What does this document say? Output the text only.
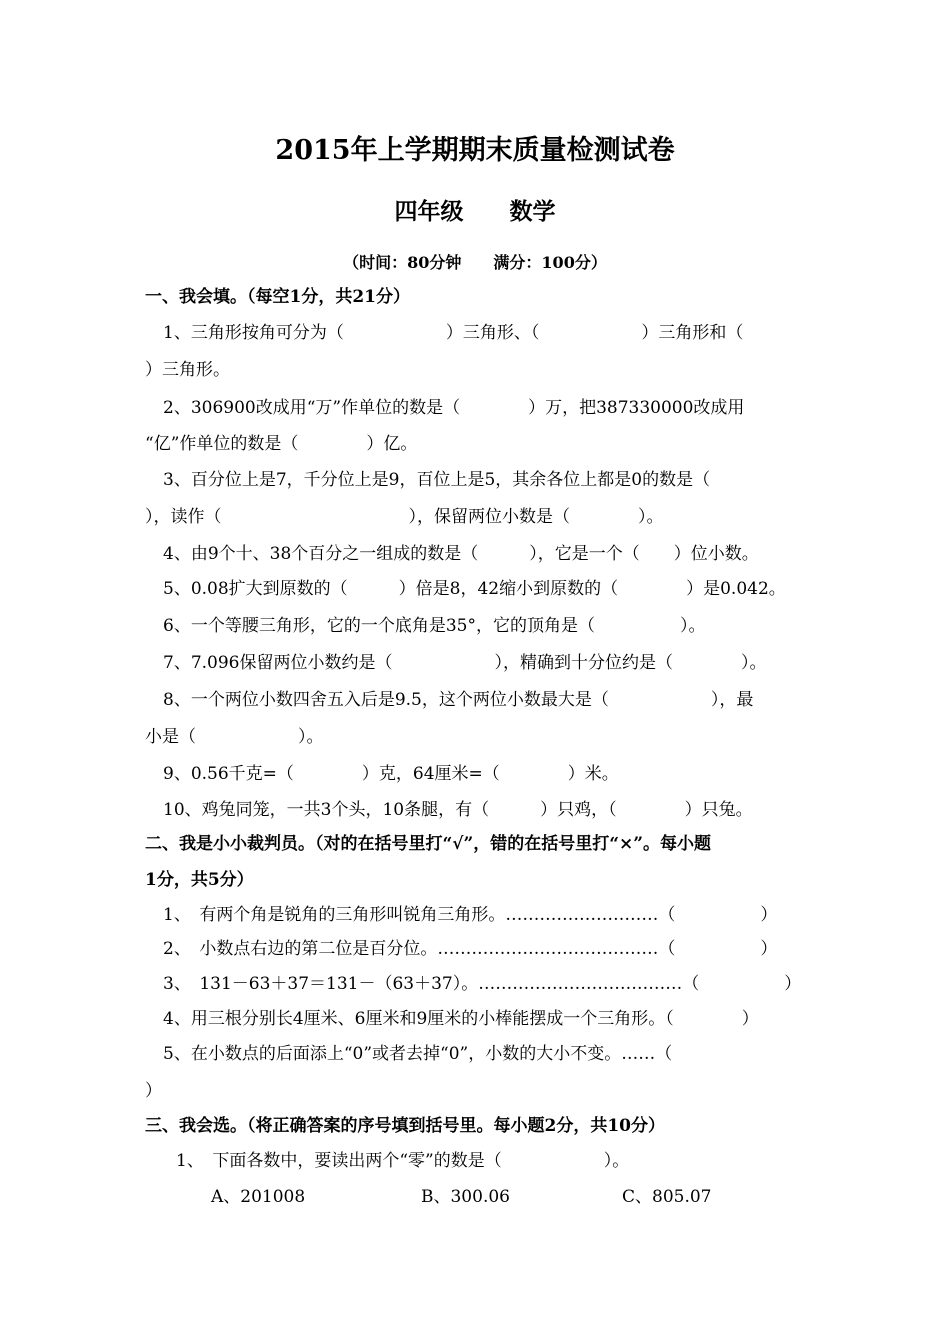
2015年上学期期末质量检测试卷
四年级　　数学
（时间：80分钟　　满分：100分）
一、我会填。（每空1分，共21分）
1、三角形按角可分为（　　　　　　）三角形、（　　　　　　）三角形和（
）三角形。
2、306900改成用“万”作单位的数是（　　　　）万，把387330000改成用
“亿”作单位的数是（　　　　）亿。
3、百分位上是7，千分位上是9，百位上是5，其余各位上都是0的数是（
），读作（　　　　　　　　　　　），保留两位小数是（　　　　）。
4、由9个十、38个百分之一组成的数是（　　　），它是一个（　　）位小数。
5、0.08扩大到原数的（　　　）倍是8，42缩小到原数的（　　　　）是0.042。
6、一个等腰三角形，它的一个底角是35°，它的顶角是（　　　　　）。
7、7.096保留两位小数约是（　　　　　　），精确到十分位约是（　　　　）。
8、一个两位小数四舍五入后是9.5，这个两位小数最大是（　　　　　　），最
小是（　　　　　　）。
9、0.56千克=（　　　　）克，64厘米=（　　　　）米。
10、鸡兔同笼，一共3个头，10条腿，有（　　　）只鸡，（　　　　）只兔。
二、我是小小裁判员。（对的在括号里打“√”，错的在括号里打“×”。每小题
1分，共5分）
1、　有两个角是锐角的三角形叫锐角三角形。………………………（　　　　　）
2、　小数点右边的第二位是百分位。…………………………………（　　　　　）
3、　131－63＋37＝131－（63＋37）。………………………………（　　　　　）
4、用三根分别长4厘米、6厘米和9厘米的小棒能摆成一个三角形。（　　　　）
5、在小数点的后面添上“0”或者去掉“0”，小数的大小不变。……（
）
三、我会选。（将正确答案的序号填到括号里。每小题2分，共10分）
1、　下面各数中，要读出两个“零”的数是（　　　　　　）。
A、201008	B、300.06	C、805.07
